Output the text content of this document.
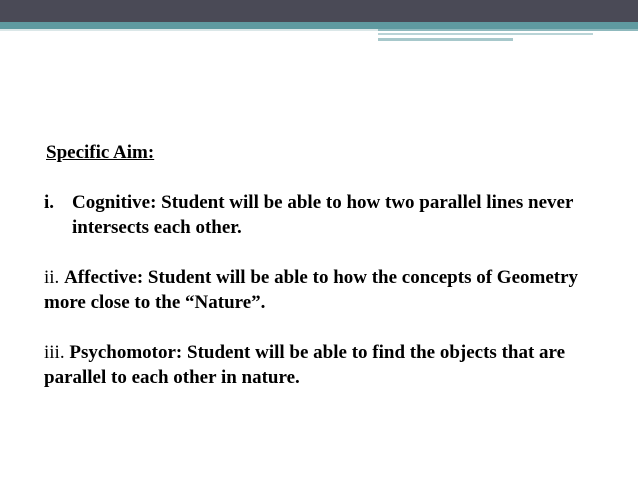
Specific Aim:
i. Cognitive: Student will be able to how two parallel lines never intersects each other.
ii. Affective: Student will be able to how the concepts of Geometry more close to the “Nature”.
iii. Psychomotor: Student will be able to find the objects that are parallel to each other in nature.
